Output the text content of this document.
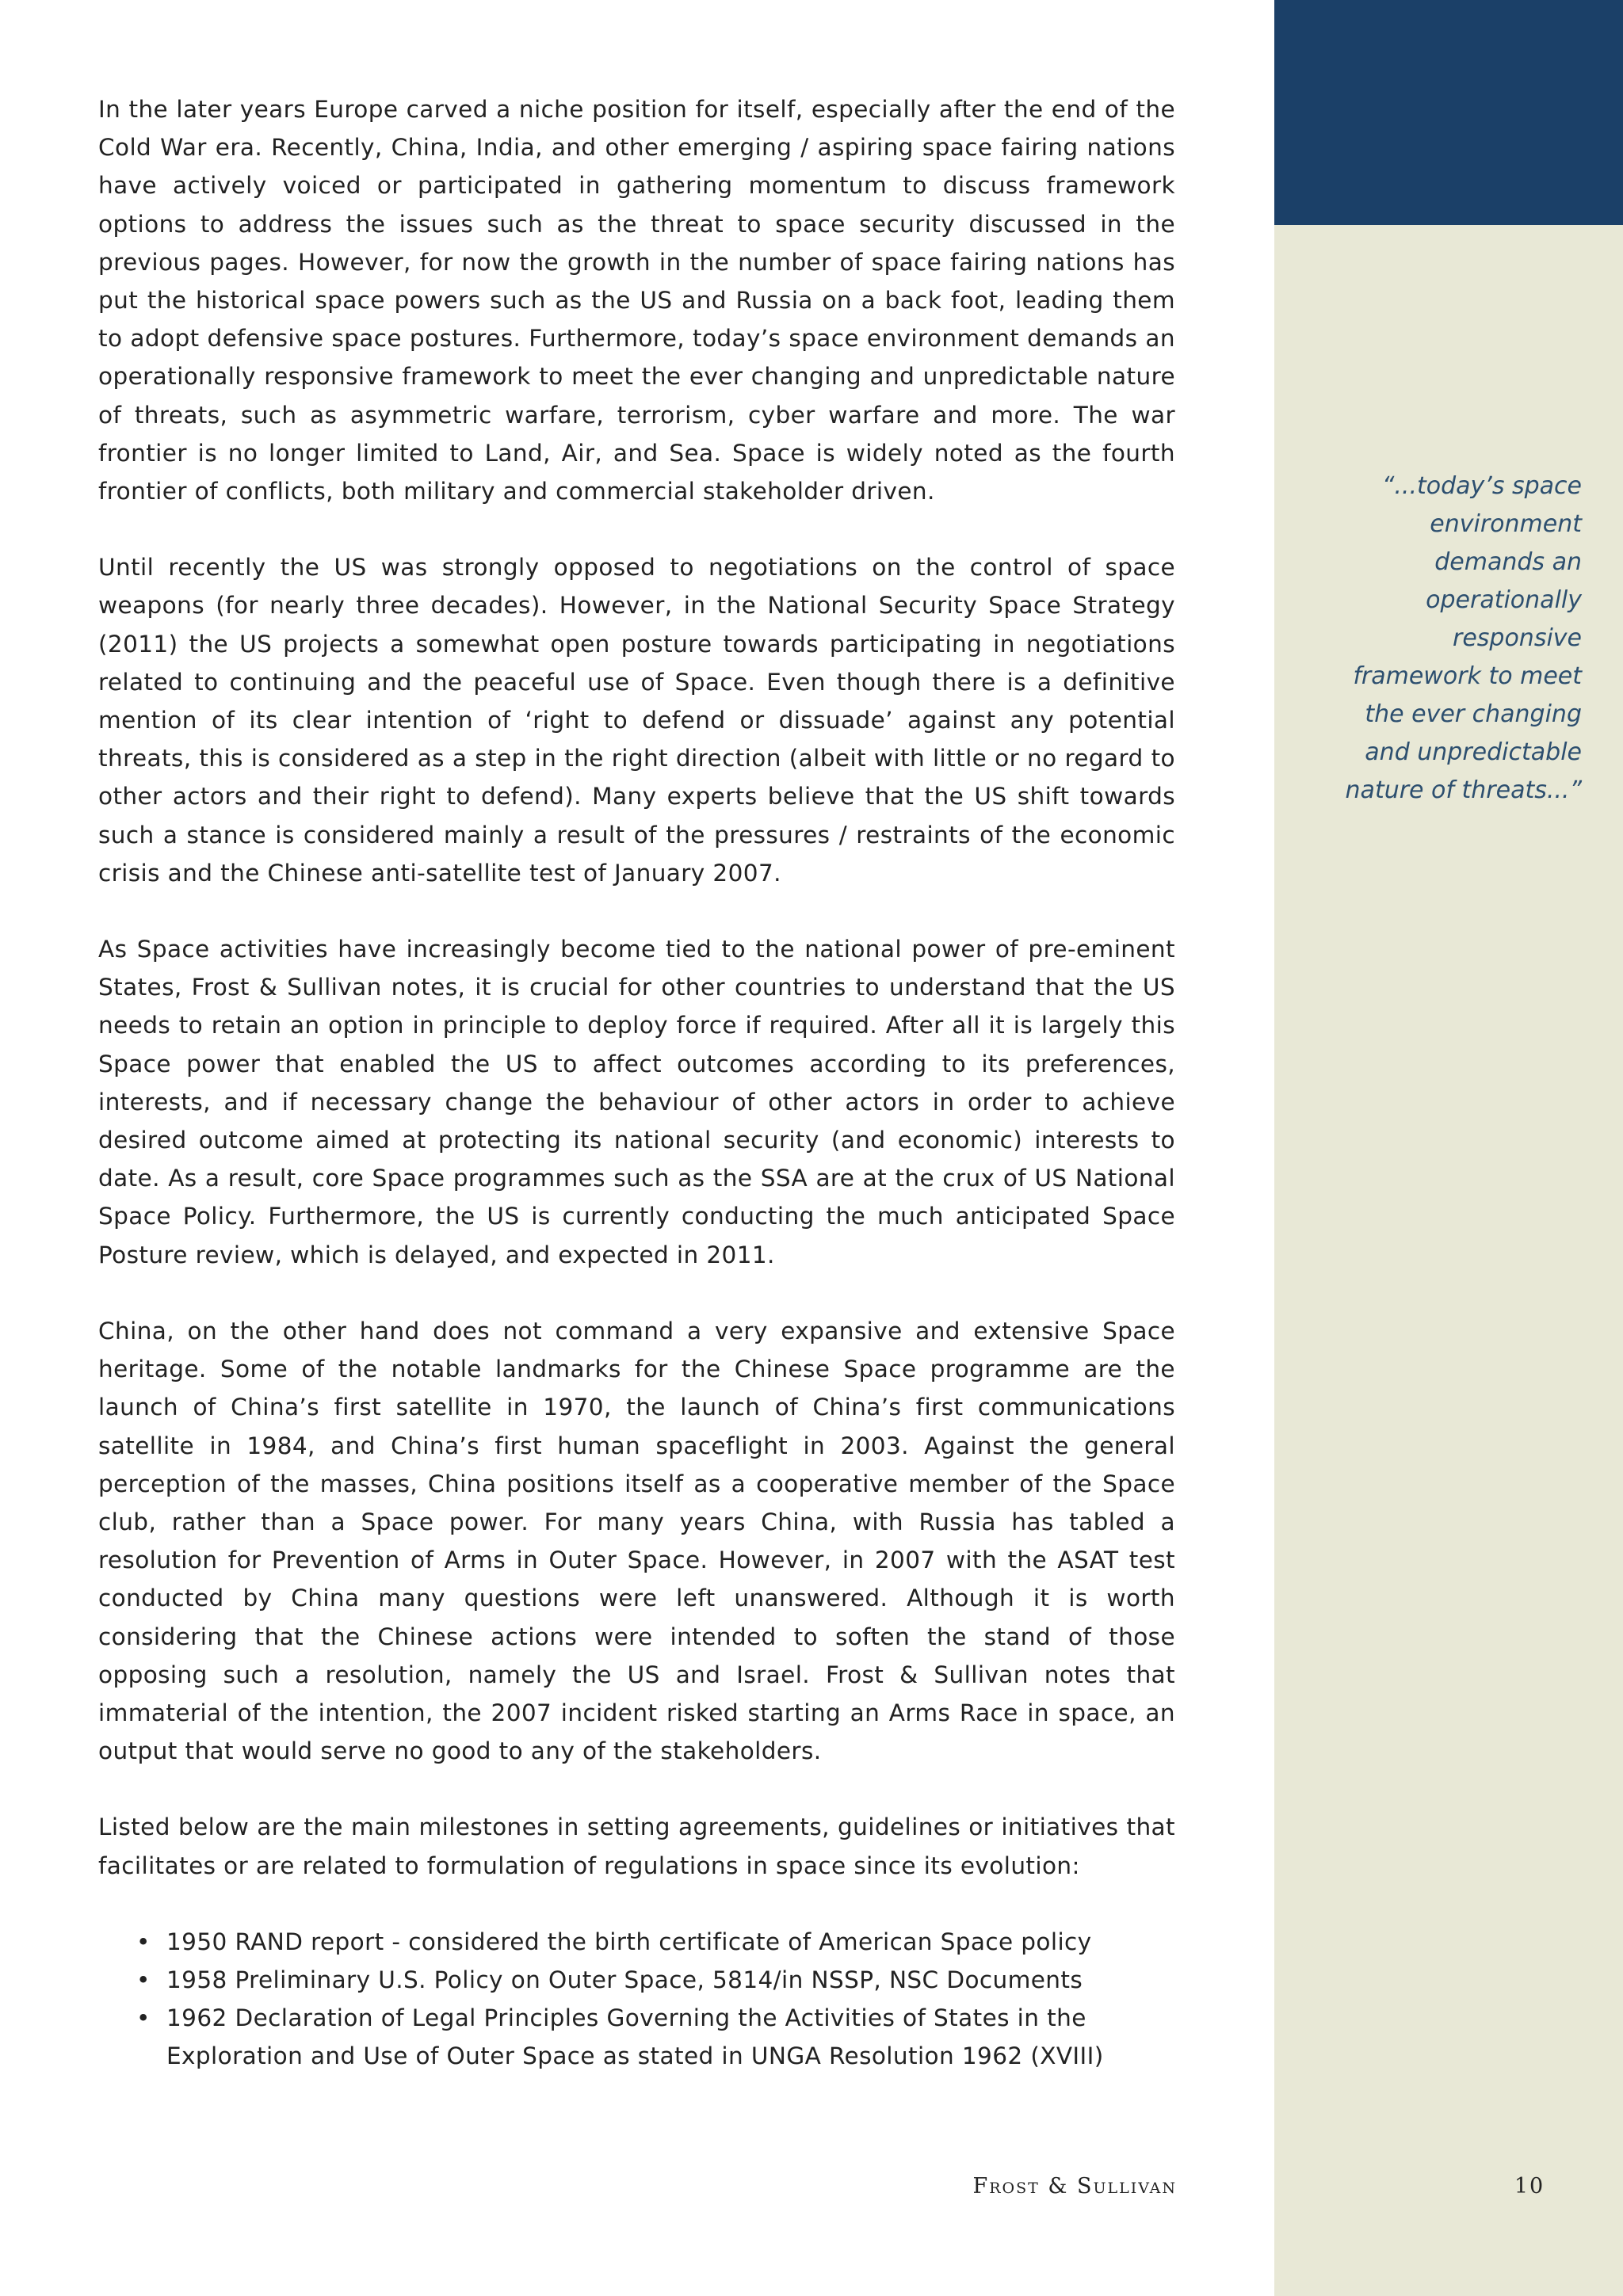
“...today’s space environment demands an operationally responsive framework to meet the ever changing and unpredictable nature of threats...”

In the later years Europe carved a niche position for itself, especially after the end of the Cold War era. Recently, China, India, and other emerging / aspiring space fairing nations have actively voiced or participated in gathering momentum to discuss framework options to address the issues such as the threat to space security discussed in the previous pages. However, for now the growth in the number of space fairing nations has put the historical space powers such as the US and Russia on a back foot, leading them to adopt defensive space postures. Furthermore, today’s space environment demands an operationally responsive framework to meet the ever changing and unpredictable nature of threats, such as asymmetric warfare, terrorism, cyber warfare and more. The war frontier is no longer limited to Land, Air, and Sea. Space is widely noted as the fourth frontier of conflicts, both military and commercial stakeholder driven.

Until recently the US was strongly opposed to negotiations on the control of space weapons (for nearly three decades). However, in the National Security Space Strategy (2011) the US projects a somewhat open posture towards participating in negotiations related to continuing and the peaceful use of Space. Even though there is a definitive mention of its clear intention of ‘right to defend or dissuade’ against any potential threats, this is considered as a step in the right direction (albeit with little or no regard to other actors and their right to defend). Many experts believe that the US shift towards such a stance is considered mainly a result of the pressures / restraints of the economic crisis and the Chinese anti-satellite test of January 2007.

As Space activities have increasingly become tied to the national power of pre-eminent States, Frost & Sullivan notes, it is crucial for other countries to understand that the US needs to retain an option in principle to deploy force if required. After all it is largely this Space power that enabled the US to affect outcomes according to its preferences, interests, and if necessary change the behaviour of other actors in order to achieve desired outcome aimed at protecting its national security (and economic) interests to date. As a result, core Space programmes such as the SSA are at the crux of US National Space Policy. Furthermore, the US is currently conducting the much anticipated Space Posture review, which is delayed, and expected in 2011.

China, on the other hand does not command a very expansive and extensive Space heritage. Some of the notable landmarks for the Chinese Space programme are the launch of China’s first satellite in 1970, the launch of China’s first communications satellite in 1984, and China’s first human spaceflight in 2003. Against the general perception of the masses, China positions itself as a cooperative member of the Space club, rather than a Space power. For many years China, with Russia has tabled a resolution for Prevention of Arms in Outer Space. However, in 2007 with the ASAT test conducted by China many questions were left unanswered. Although it is worth considering that the Chinese actions were intended to soften the stand of those opposing such a resolution, namely the US and Israel. Frost & Sullivan notes that immaterial of the intention, the 2007 incident risked starting an Arms Race in space, an output that would serve no good to any of the stakeholders.

Listed below are the main milestones in setting agreements, guidelines or initiatives that facilitates or are related to formulation of regulations in space since its evolution:

• 1950 RAND report - considered the birth certificate of American Space policy
• 1958 Preliminary U.S. Policy on Outer Space, 5814/in NSSP, NSC Documents
• 1962 Declaration of Legal Principles Governing the Activities of States in the Exploration and Use of Outer Space as stated in UNGA Resolution 1962 (XVIII)
Frost & Sullivan	10
